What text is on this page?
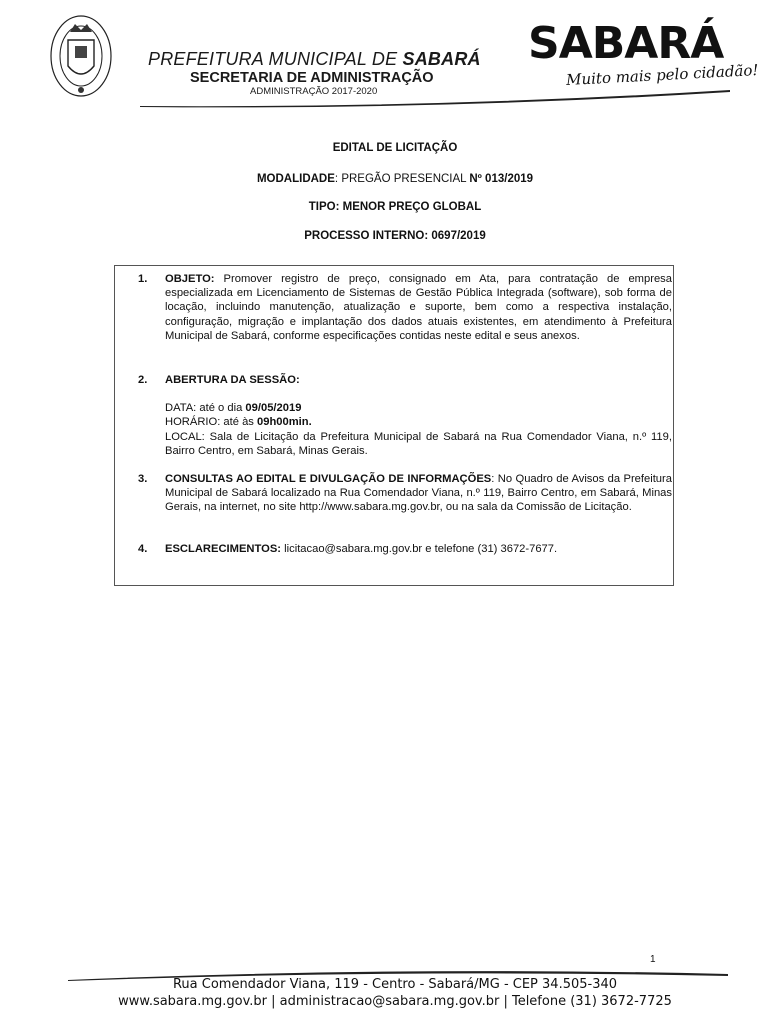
PREFEITURA MUNICIPAL DE SABARÁ
SECRETARIA DE ADMINISTRAÇÃO
ADMINISTRAÇÃO 2017-2020
SABARÁ
Muito mais pelo cidadão!
EDITAL DE LICITAÇÃO
MODALIDADE: PREGÃO PRESENCIAL Nº 013/2019
TIPO: MENOR PREÇO GLOBAL
PROCESSO INTERNO: 0697/2019
1. OBJETO: Promover registro de preço, consignado em Ata, para contratação de empresa especializada em Licenciamento de Sistemas de Gestão Pública Integrada (software), sob forma de locação, incluindo manutenção, atualização e suporte, bem como a respectiva instalação, configuração, migração e implantação dos dados atuais existentes, em atendimento à Prefeitura Municipal de Sabará, conforme especificações contidas neste edital e seus anexos.
2. ABERTURA DA SESSÃO:
DATA: até o dia 09/05/2019
HORÁRIO: até às 09h00min.
LOCAL: Sala de Licitação da Prefeitura Municipal de Sabará na Rua Comendador Viana, n.º 119, Bairro Centro, em Sabará, Minas Gerais.
3. CONSULTAS AO EDITAL E DIVULGAÇÃO DE INFORMAÇÕES: No Quadro de Avisos da Prefeitura Municipal de Sabará localizado na Rua Comendador Viana, n.º 119, Bairro Centro, em Sabará, Minas Gerais, na internet, no site http://www.sabara.mg.gov.br, ou na sala da Comissão de Licitação.
4. ESCLARECIMENTOS: licitacao@sabara.mg.gov.br e telefone (31) 3672-7677.
1
Rua Comendador Viana, 119 - Centro - Sabará/MG - CEP 34.505-340
www.sabara.mg.gov.br | administracao@sabara.mg.gov.br | Telefone (31) 3672-7725
